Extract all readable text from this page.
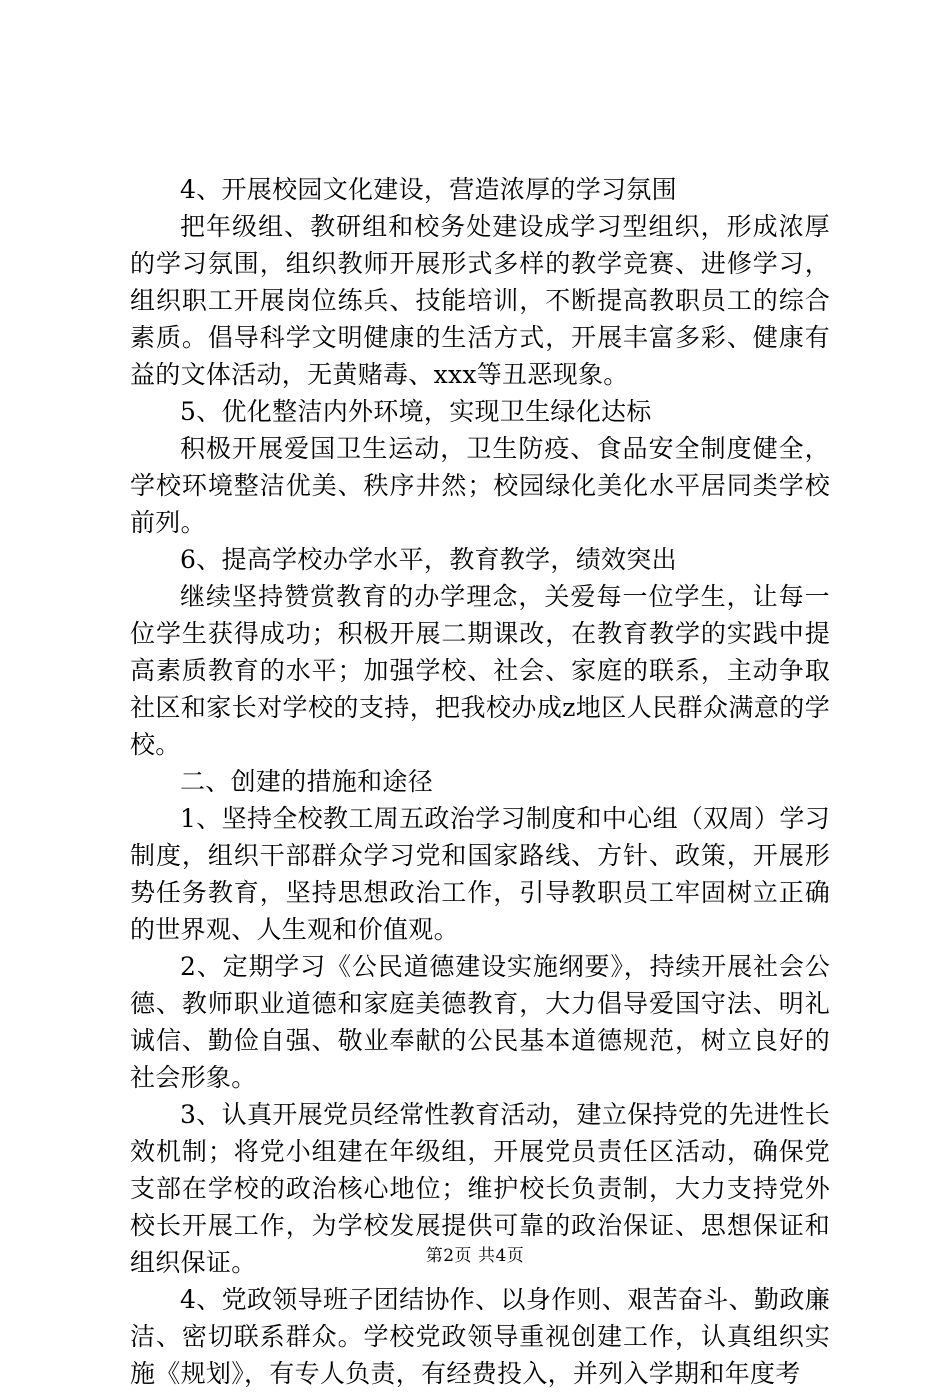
4、开展校园文化建设，营造浓厚的学习氛围

把年级组、教研组和校务处建设成学习型组织，形成浓厚的学习氛围，组织教师开展形式多样的教学竞赛、进修学习，组织职工开展岗位练兵、技能培训，不断提高教职员工的综合素质。倡导科学文明健康的生活方式，开展丰富多彩、健康有益的文体活动，无黄赌毒、xxx等丑恶现象。

5、优化整洁内外环境，实现卫生绿化达标

积极开展爱国卫生运动，卫生防疫、食品安全制度健全，学校环境整洁优美、秩序井然；校园绿化美化水平居同类学校前列。

6、提高学校办学水平，教育教学，绩效突出

继续坚持赞赏教育的办学理念，关爱每一位学生，让每一位学生获得成功；积极开展二期课改，在教育教学的实践中提高素质教育的水平；加强学校、社会、家庭的联系，主动争取社区和家长对学校的支持，把我校办成z地区人民群众满意的学校。

二、创建的措施和途径

1、坚持全校教工周五政治学习制度和中心组（双周）学习制度，组织干部群众学习党和国家路线、方针、政策，开展形势任务教育，坚持思想政治工作，引导教职员工牢固树立正确的世界观、人生观和价值观。

2、定期学习《公民道德建设实施纲要》，持续开展社会公德、教师职业道德和家庭美德教育，大力倡导爱国守法、明礼诚信、勤俭自强、敬业奉献的公民基本道德规范，树立良好的社会形象。

3、认真开展党员经常性教育活动，建立保持党的先进性长效机制；将党小组建在年级组，开展党员责任区活动，确保党支部在学校的政治核心地位；维护校长负责制，大力支持党外校长开展工作，为学校发展提供可靠的政治保证、思想保证和组织保证。

4、党政领导班子团结协作、以身作则、艰苦奋斗、勤政廉洁、密切联系群众。学校党政领导重视创建工作，认真组织实施《规划》，有专人负责，有经费投入，并列入学期和年度考

第2页 共4页
